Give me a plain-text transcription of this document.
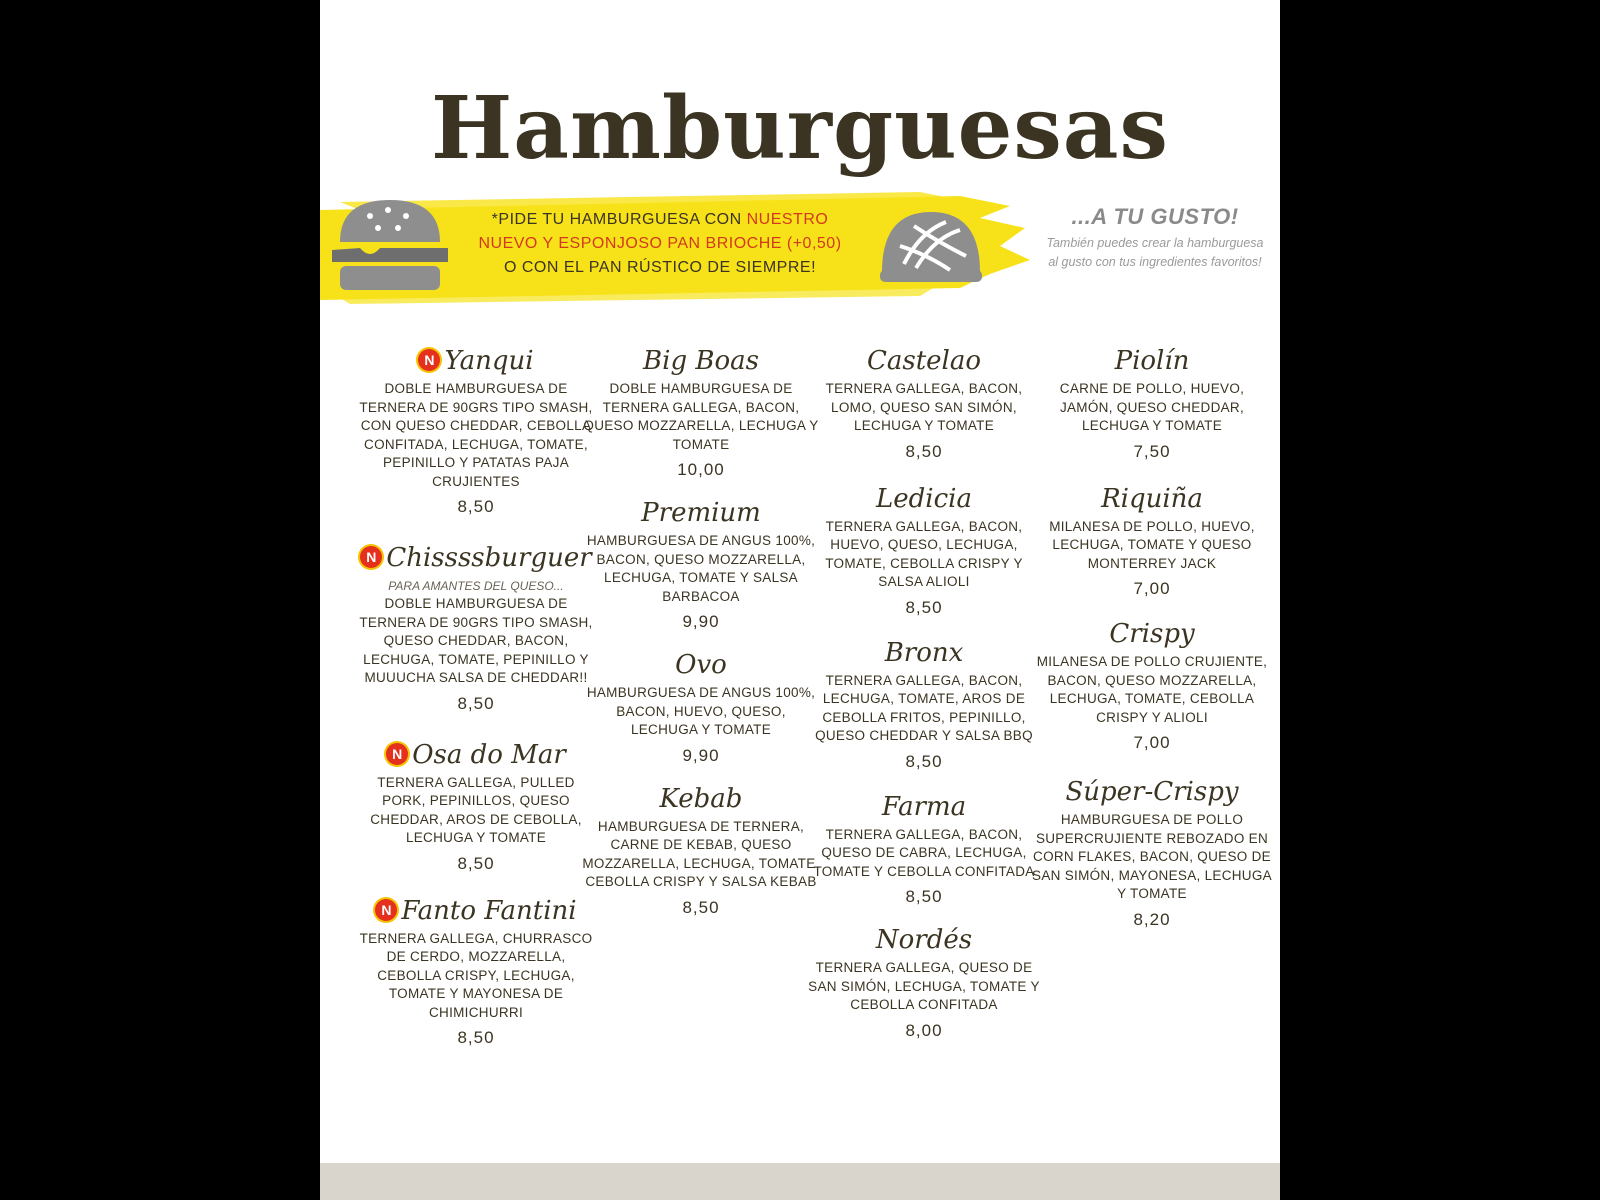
Hamburguesas
*PIDE TU HAMBURGUESA CON NUESTRO
NUEVO Y ESPONJOSO PAN BRIOCHE (+0,50)
O CON EL PAN RÚSTICO DE SIEMPRE!
...A TU GUSTO!
También puedes crear la hamburguesa al gusto con tus ingredientes favoritos!
N Yanqui
DOBLE HAMBURGUESA DE TERNERA DE 90GRS TIPO SMASH, CON QUESO CHEDDAR, CEBOLLA CONFITADA, LECHUGA, TOMATE, PEPINILLO Y PATATAS PAJA CRUJIENTES
8,50
N Chissssburguer
PARA AMANTES DEL QUESO...
DOBLE HAMBURGUESA DE TERNERA DE 90GRS TIPO SMASH, QUESO CHEDDAR, BACON, LECHUGA, TOMATE, PEPINILLO Y MUUUCHA SALSA DE CHEDDAR!!
8,50
N Osa do Mar
TERNERA GALLEGA, PULLED PORK, PEPINILLOS, QUESO CHEDDAR, AROS DE CEBOLLA, LECHUGA Y TOMATE
8,50
N Fanto Fantini
TERNERA GALLEGA, CHURRASCO DE CERDO, MOZZARELLA, CEBOLLA CRISPY, LECHUGA, TOMATE Y MAYONESA DE CHIMICHURRI
8,50
Big Boas
DOBLE HAMBURGUESA DE TERNERA GALLEGA, BACON, QUESO MOZZARELLA, LECHUGA Y TOMATE
10,00
Premium
HAMBURGUESA DE ANGUS 100%, BACON, QUESO MOZZARELLA, LECHUGA, TOMATE Y SALSA BARBACOA
9,90
Ovo
HAMBURGUESA DE ANGUS 100%, BACON, HUEVO, QUESO, LECHUGA Y TOMATE
9,90
Kebab
HAMBURGUESA DE TERNERA, CARNE DE KEBAB, QUESO MOZZARELLA, LECHUGA, TOMATE, CEBOLLA CRISPY Y SALSA KEBAB
8,50
Castelao
TERNERA GALLEGA, BACON, LOMO, QUESO SAN SIMÓN, LECHUGA Y TOMATE
8,50
Ledicia
TERNERA GALLEGA, BACON, HUEVO, QUESO, LECHUGA, TOMATE, CEBOLLA CRISPY Y SALSA ALIOLI
8,50
Bronx
TERNERA GALLEGA, BACON, LECHUGA, TOMATE, AROS DE CEBOLLA FRITOS, PEPINILLO, QUESO CHEDDAR Y SALSA BBQ
8,50
Farma
TERNERA GALLEGA, BACON, QUESO DE CABRA, LECHUGA, TOMATE Y CEBOLLA CONFITADA
8,50
Nordés
TERNERA GALLEGA, QUESO DE SAN SIMÓN, LECHUGA, TOMATE Y CEBOLLA CONFITADA
8,00
Piolín
CARNE DE POLLO, HUEVO, JAMÓN, QUESO CHEDDAR, LECHUGA Y TOMATE
7,50
Riquiña
MILANESA DE POLLO, HUEVO, LECHUGA, TOMATE Y QUESO MONTERREY JACK
7,00
Crispy
MILANESA DE POLLO CRUJIENTE, BACON, QUESO MOZZARELLA, LECHUGA, TOMATE, CEBOLLA CRISPY Y ALIOLI
7,00
Súper-Crispy
HAMBURGUESA DE POLLO SUPERCRUJIENTE REBOZADO EN CORN FLAKES, BACON, QUESO DE SAN SIMÓN, MAYONESA, LECHUGA Y TOMATE
8,20
